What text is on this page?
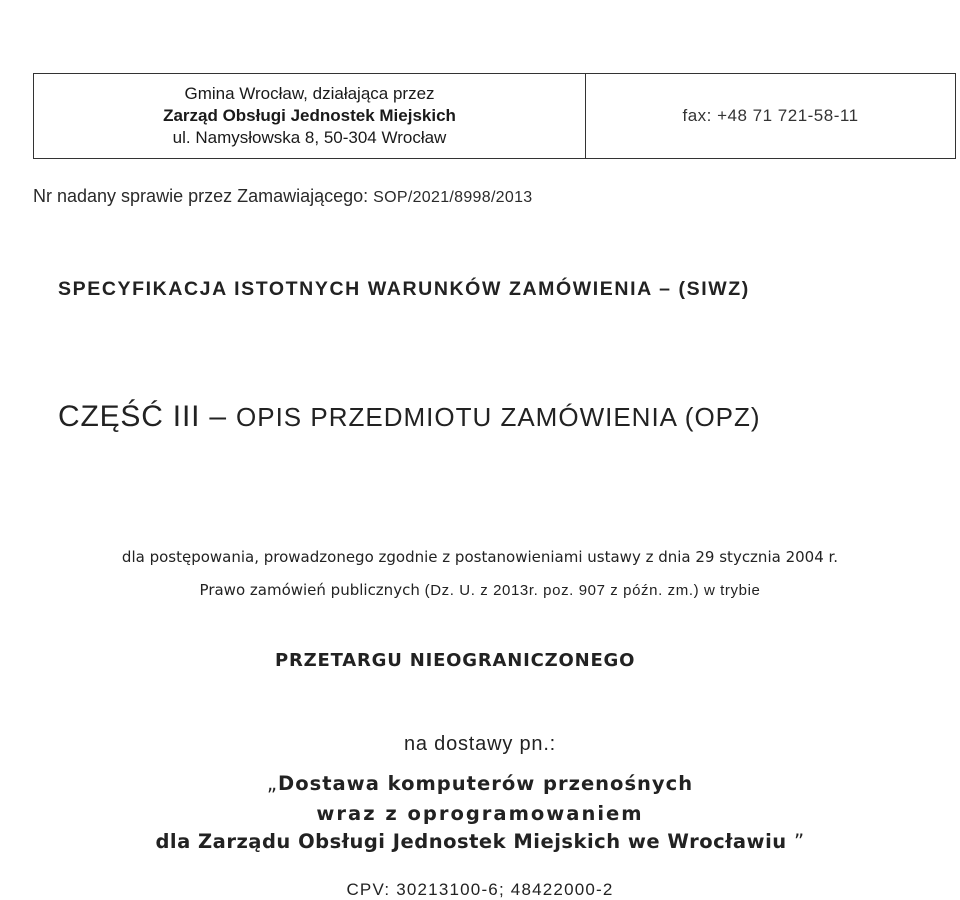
Gmina Wrocław, działająca przez
Zarząd Obsługi Jednostek Miejskich
ul. Namysłowska 8, 50-304 Wrocław
fax: +48 71 721-58-11
Nr nadany sprawie przez Zamawiającego: SOP/2021/8998/2013
SPECYFIKACJA ISTOTNYCH WARUNKÓW ZAMÓWIENIA – (SIWZ)
CZĘŚĆ III – OPIS PRZEDMIOTU ZAMÓWIENIA (OPZ)
dla postępowania, prowadzonego zgodnie z postanowieniami ustawy z dnia 29 stycznia 2004 r.
Prawo zamówień publicznych (Dz. U. z 2013r. poz. 907 z późn. zm.) w trybie
PRZETARGU NIEOGRANICZONEGO
na dostawy pn.:
„Dostawa komputerów przenośnych
wraz z oprogramowaniem
dla Zarządu Obsługi Jednostek Miejskich we Wrocławiu ”
CPV: 30213100-6; 48422000-2
